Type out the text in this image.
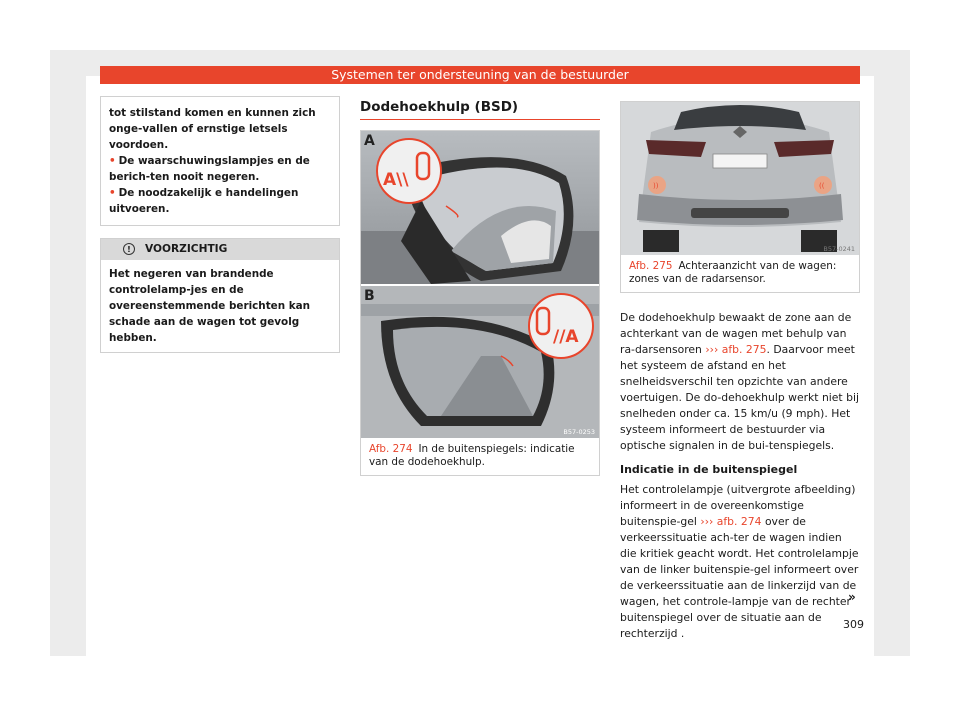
Systemen ter ondersteuning van de bestuurder

tot stilstand komen en kunnen zich onge-vallen of ernstige letsels voordoen.

• De waarschuwingslampjes en de berich-ten nooit negeren.

• De noodzakelijk e handelingen uitvoeren.

!	VOORZICHTIG
Het negeren van brandende controlelamp-jes en de overeenstemmende berichten kan schade aan de wagen tot gevolg hebben.
Dodehoekhulp (BSD)
A\\
A
//A
B
B57-0253
Afb. 274 In de buitenspiegels: indicatie van de dodehoekhulp.
))	((
B57-0241
Afb. 275 Achteraanzicht van de wagen: zones van de radarsensor.

De dodehoekhulp bewaakt de zone aan de achterkant van de wagen met behulp van ra-darsensoren ››› afb. 275. Daarvoor meet het systeem de afstand en het snelheidsverschil ten opzichte van andere voertuigen. De do-dehoekhulp werkt niet bij snelheden onder ca. 15 km/u (9 mph). Het systeem informeert de bestuurder via optische signalen in de bui-tenspiegels.

Indicatie in de buitenspiegel

Het controlelampje (uitvergrote afbeelding) informeert in de overeenkomstige buitenspie-gel ››› afb. 274 over de verkeerssituatie ach-ter de wagen indien die kritiek geacht wordt. Het controlelampje van de linker buitenspie-gel informeert over de verkeerssituatie aan de linkerzijd van de wagen, het controle-lampje van de rechter buitenspiegel over de situatie aan de rechterzijd .

»
309
